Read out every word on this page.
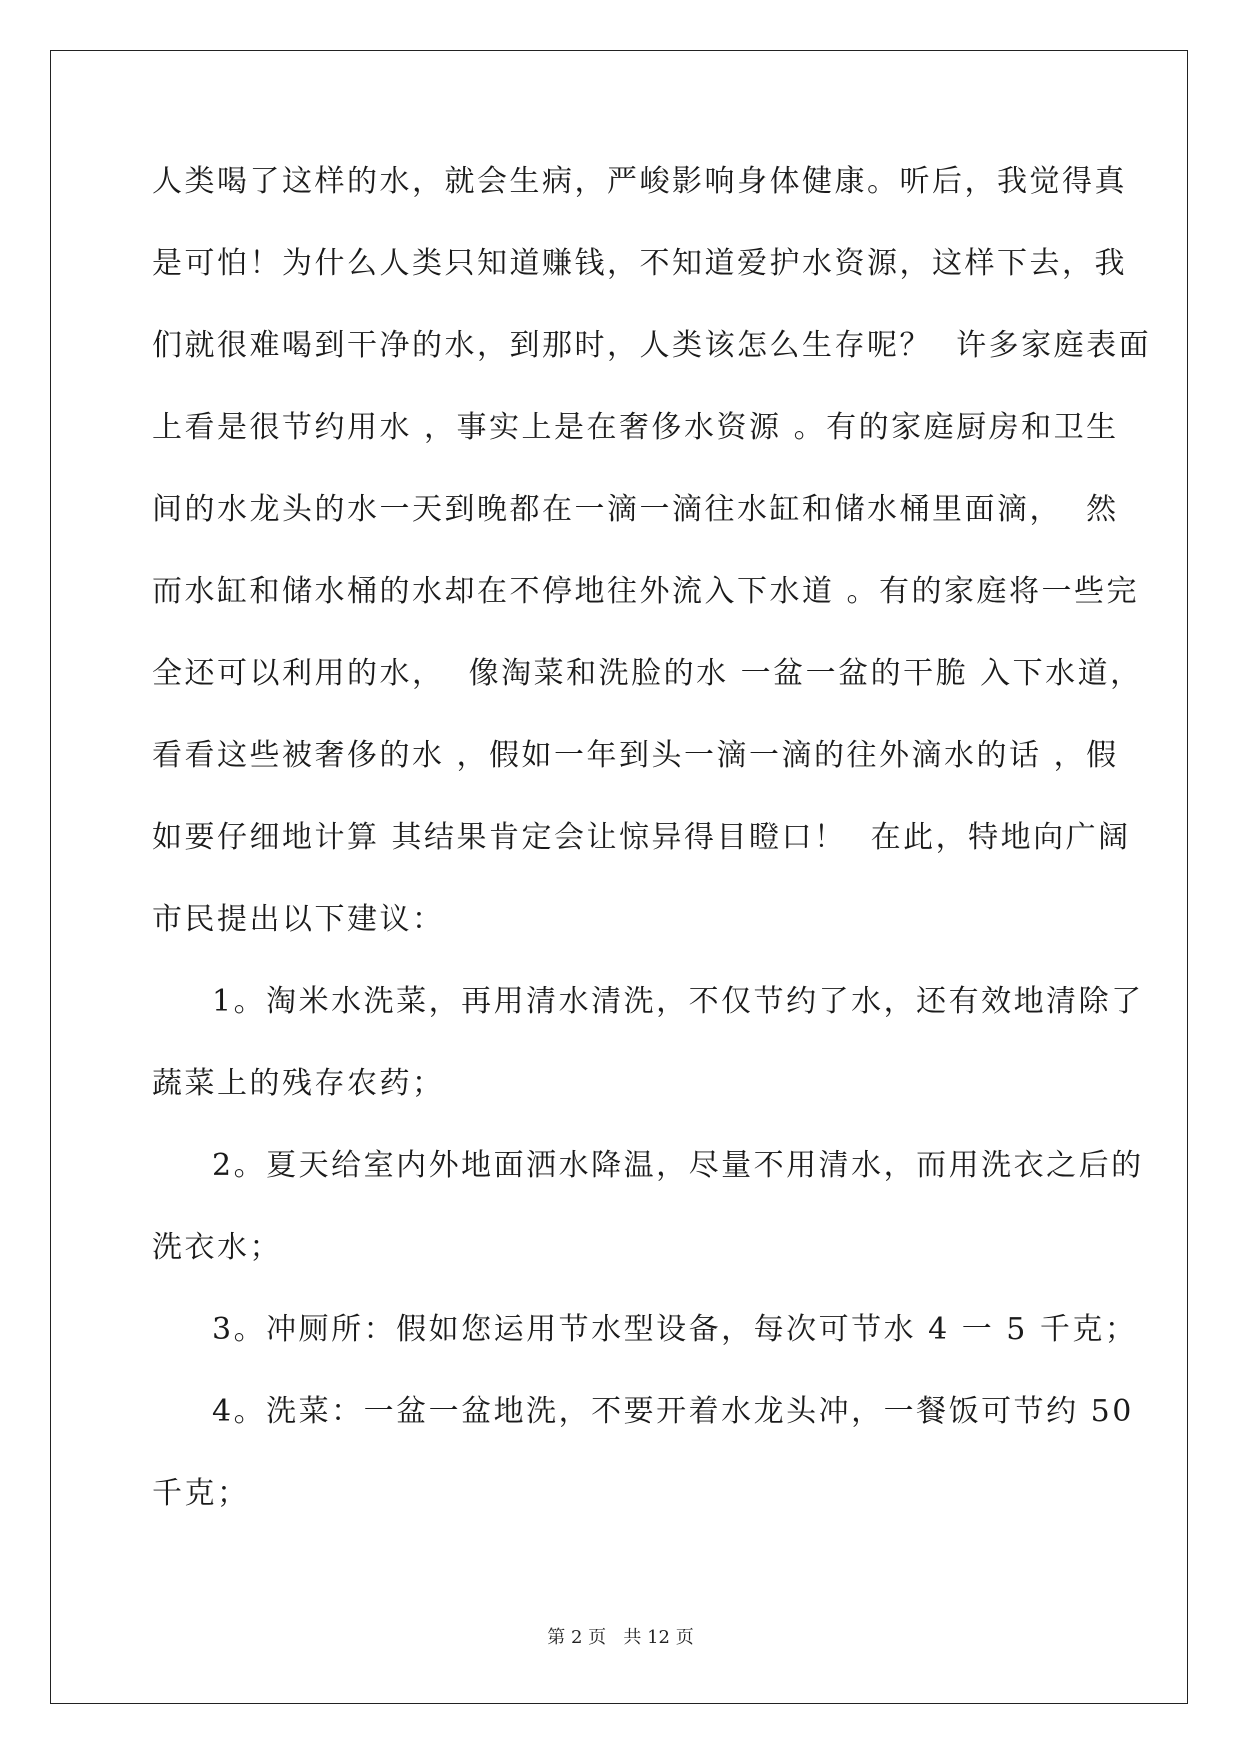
人类喝了这样的水，就会生病，严峻影响身体健康。听后，我觉得真
是可怕！为什么人类只知道赚钱，不知道爱护水资源，这样下去，我
们就很难喝到干净的水，到那时，人类该怎么生存呢？  许多家庭表面
上看是很节约用水 ，事实上是在奢侈水资源 。有的家庭厨房和卫生
间的水龙头的水一天到晚都在一滴一滴往水缸和储水桶里面滴，  然
而水缸和储水桶的水却在不停地往外流入下水道 。有的家庭将一些完
全还可以利用的水，  像淘菜和洗脸的水 一盆一盆的干脆 入下水道，
看看这些被奢侈的水 ，假如一年到头一滴一滴的往外滴水的话 ，假
如要仔细地计算 其结果肯定会让惊异得目瞪口！  在此，特地向广阔
市民提出以下建议：
1。淘米水洗菜，再用清水清洗，不仅节约了水，还有效地清除了
蔬菜上的残存农药；
2。夏天给室内外地面洒水降温，尽量不用清水，而用洗衣之后的
洗衣水；
3。冲厕所：假如您运用节水型设备，每次可节水 4 一 5 千克；
4。洗菜：一盆一盆地洗，不要开着水龙头冲，一餐饭可节约 50
千克；
第 2 页   共 12 页
